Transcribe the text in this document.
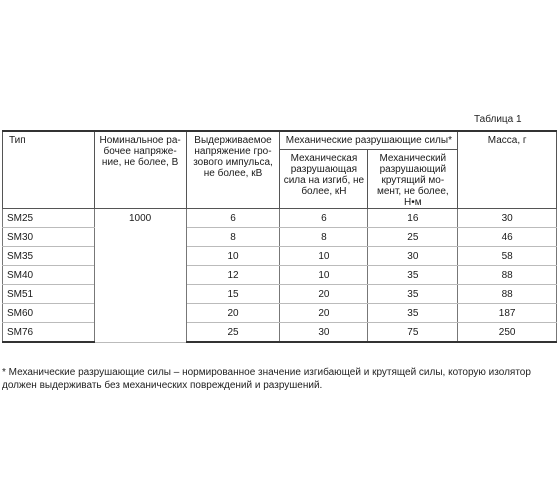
Таблица 1
Тип	Номинальное ра-
бочее напряже-
ние, не более, В	Выдерживаемое
напряжение гро-
зового импульса,
не более, кВ	Механические разрушающие силы*		Масса, г
			Механическая
разрушающая
сила на изгиб, не
более, кН	Механический
разрушающий
крутящий мо-
мент, не более,
Н•м	
SM25	1000	6	6	16	30
SM30		8	8	25	46
SM35		10	10	30	58
SM40		12	10	35	88
SM51		15	20	35	88
SM60		20	20	35	187
SM76		25	30	75	250
* Механические разрушающие силы – нормированное значение изгибающей и крутящей силы, которую изолятор должен выдерживать без механических повреждений и разрушений.
